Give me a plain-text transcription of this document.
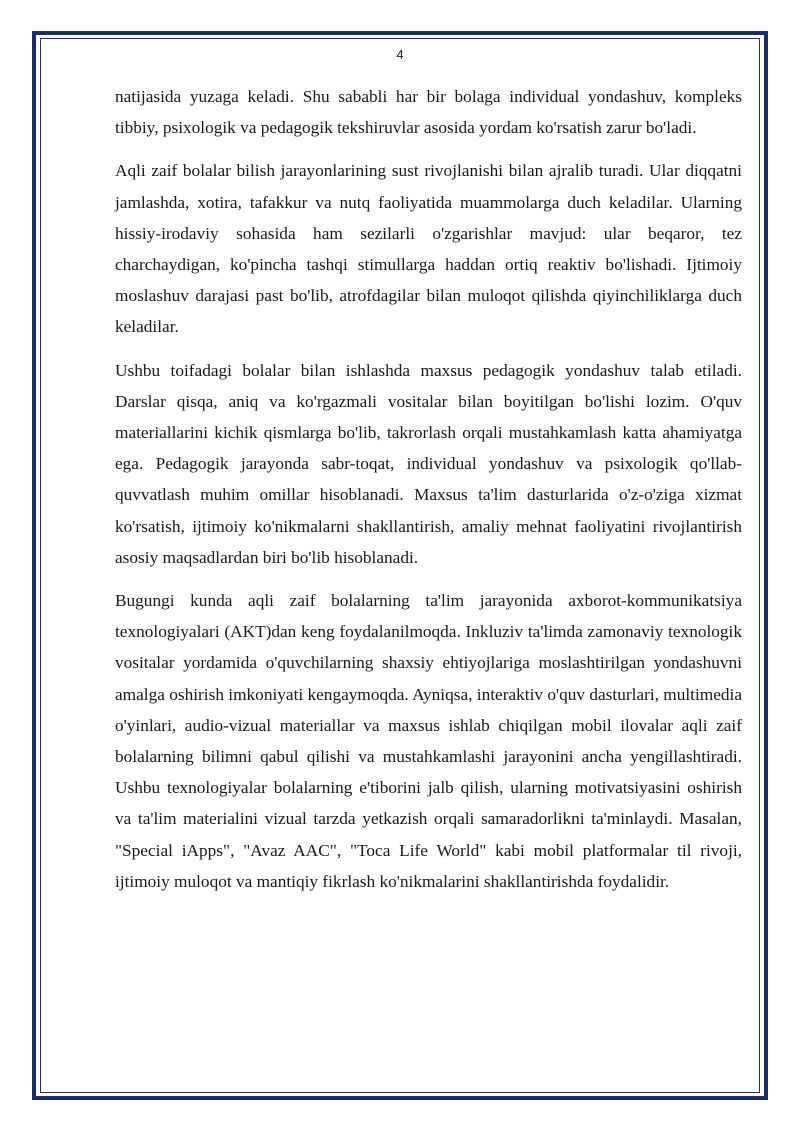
4

natijasida yuzaga keladi. Shu sababli har bir bolaga individual yondashuv, kompleks tibbiy, psixologik va pedagogik tekshiruvlar asosida yordam ko'rsatish zarur bo'ladi.

Aqli zaif bolalar bilish jarayonlarining sust rivojlanishi bilan ajralib turadi. Ular diqqatni jamlashda, xotira, tafakkur va nutq faoliyatida muammolarga duch keladilar. Ularning hissiy-irodaviy sohasida ham sezilarli o'zgarishlar mavjud: ular beqaror, tez charchaydigan, ko'pincha tashqi stimullarga haddan ortiq reaktiv bo'lishadi. Ijtimoiy moslashuv darajasi past bo'lib, atrofdagilar bilan muloqot qilishda qiyinchiliklarga duch keladilar.

Ushbu toifadagi bolalar bilan ishlashda maxsus pedagogik yondashuv talab etiladi. Darslar qisqa, aniq va ko'rgazmali vositalar bilan boyitilgan bo'lishi lozim. O'quv materiallarini kichik qismlarga bo'lib, takrorlash orqali mustahkamlash katta ahamiyatga ega. Pedagogik jarayonda sabr-toqat, individual yondashuv va psixologik qo'llab-quvvatlash muhim omillar hisoblanadi. Maxsus ta'lim dasturlarida o'z-o'ziga xizmat ko'rsatish, ijtimoiy ko'nikmalarni shakllantirish, amaliy mehnat faoliyatini rivojlantirish asosiy maqsadlardan biri bo'lib hisoblanadi.

Bugungi kunda aqli zaif bolalarning ta'lim jarayonida axborot-kommunikatsiya texnologiyalari (AKT)dan keng foydalanilmoqda. Inkluziv ta'limda zamonaviy texnologik vositalar yordamida o'quvchilarning shaxsiy ehtiyojlariga moslashtirilgan yondashuvni amalga oshirish imkoniyati kengaymoqda. Ayniqsa, interaktiv o'quv dasturlari, multimedia o'yinlari, audio-vizual materiallar va maxsus ishlab chiqilgan mobil ilovalar aqli zaif bolalarning bilimni qabul qilishi va mustahkamlashi jarayonini ancha yengillashtiradi. Ushbu texnologiyalar bolalarning e'tiborini jalb qilish, ularning motivatsiyasini oshirish va ta'lim materialini vizual tarzda yetkazish orqali samaradorlikni ta'minlaydi. Masalan, "Special iApps", "Avaz AAC", "Toca Life World" kabi mobil platformalar til rivoji, ijtimoiy muloqot va mantiqiy fikrlash ko'nikmalarini shakllantirishda foydalidir.
